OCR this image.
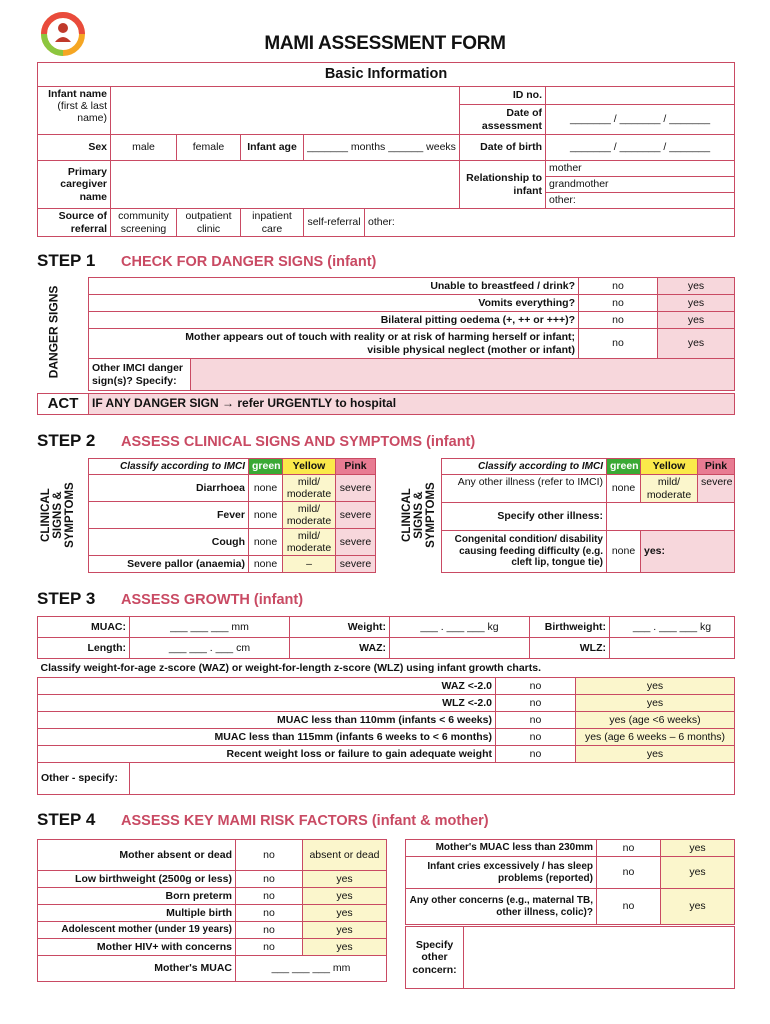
MAMI ASSESSMENT FORM
Basic Information							

Infant name
(first & last name)						ID no.	
						Date of assessment	_______ / _______ / _______
Sex	male	female	Infant age	_______ months ______ weeks		Date of birth	_______ / _______ / _______
Primary caregiver name						Relationship to infant	mother
							grandmother
							other:
Source of referral	community screening	outpatient clinic	inpatient care	self-referral	other:		
STEP 1 CHECK FOR DANGER SIGNS (infant)
DANGER SIGNS	Unable to breastfeed / drink?		no	yes
Vomits everything?		no	yes
Bilateral pitting oedema (+, ++ or +++)?		no	yes
Mother appears out of touch with reality or at risk of harming herself or infant; visible physical neglect (mother or infant)		no	yes
Other IMCI danger sign(s)? Specify:			
ACT	IF ANY DANGER SIGN → refer URGENTLY to hospital
STEP 2 ASSESS CLINICAL SIGNS AND SYMPTOMS (infant)
CLINICAL SIGNS & SYMPTOMS
Classify according to IMCI	green	Yellow	Pink
Diarrhoea	none	mild/ moderate	severe
Fever	none	mild/ moderate	severe
Cough	none	mild/ moderate	severe
Severe pallor (anaemia)	none	–	severe
CLINICAL SIGNS & SYMPTOMS
Classify according to IMCI	green	Yellow	Pink
Any other illness (refer to IMCI)	none	mild/ moderate	severe
Specify other illness:			
Congenital condition/ disability causing feeding difficulty (e.g. cleft lip, tongue tie)	none	yes:	
STEP 3 ASSESS GROWTH (infant)
MUAC:	___ ___ ___ mm	Weight:	___ . ___ ___ kg	Birthweight:	___ . ___ ___ kg
Length:	___ ___ . ___ cm	WAZ:		WLZ:	
Classify weight-for-age z-score (WAZ) or weight-for-length z-score (WLZ) using infant growth charts.		
WAZ <-2.0	no	yes
WLZ <-2.0	no	yes
MUAC less than 110mm (infants < 6 weeks)	no	yes (age <6 weeks)
MUAC less than 115mm (infants 6 weeks to < 6 months)	no	yes (age 6 weeks – 6 months)
Recent weight loss or failure to gain adequate weight	no	yes
Other - specify:	
STEP 4 ASSESS KEY MAMI RISK FACTORS (infant & mother)
Mother absent or dead	no	absent or dead
Low birthweight (2500g or less)	no	yes
Born preterm	no	yes
Multiple birth	no	yes
Adolescent mother (under 19 years)	no	yes
Mother HIV+ with concerns	no	yes
Mother's MUAC	___ ___ ___ mm	
Mother's MUAC less than 230mm	no	yes
Infant cries excessively / has sleep problems (reported)	no	yes
Any other concerns (e.g., maternal TB, other illness, colic)?	no	yes
Specify other concern:	
